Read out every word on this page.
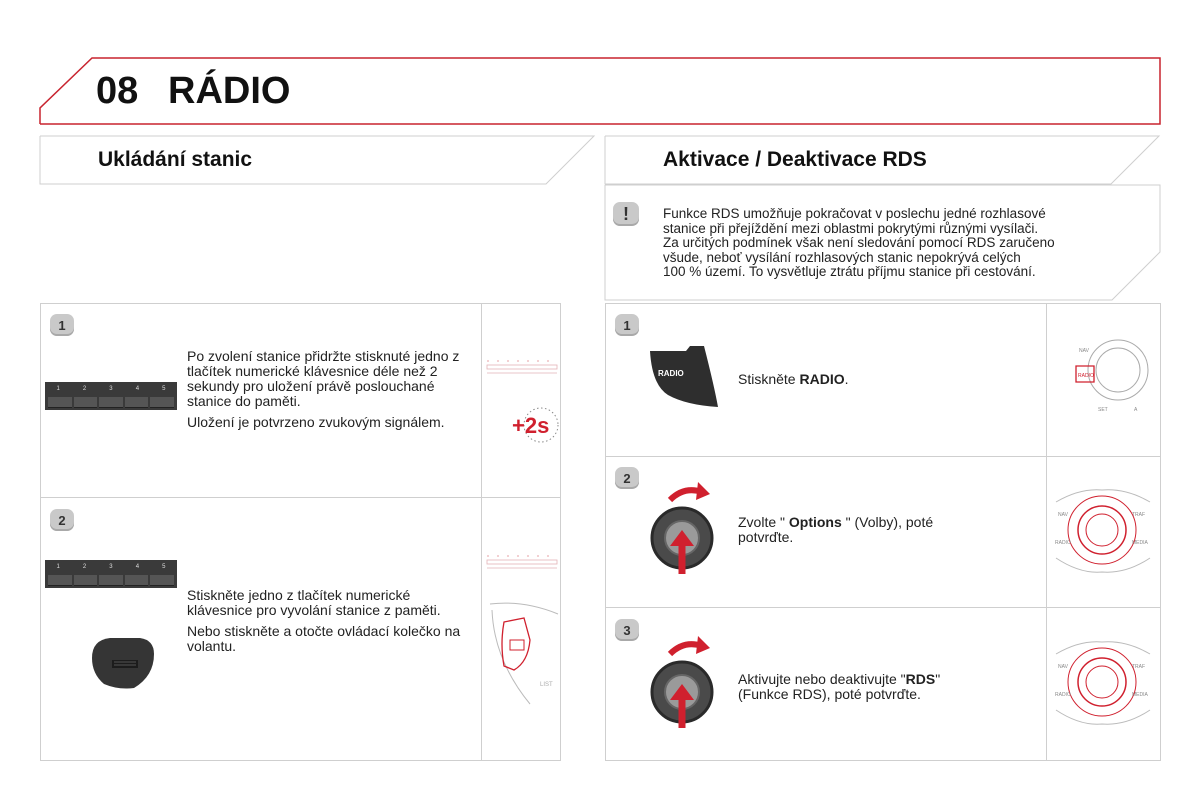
08 RÁDIO
Ukládání stanic	Aktivace / Deaktivace RDS
!	Funkce RDS umožňuje pokračovat v poslechu jedné rozhlasové
stanice při přejíždění mezi oblastmi pokrytými různými vysílači.
Za určitých podmínek však není sledování pomocí RDS zaručeno
všude, neboť vysílání rozhlasových stanic nepokrývá celých
100 % území. To vysvětluje ztrátu příjmu stanice při cestování.
1
1	2	3	4	5

Po zvolení stanice přidržte stisknuté jedno z tlačítek numerické klávesnice déle než 2 sekundy pro uložení právě poslouchané stanice do paměti.

Uložení je potvrzeno zvukovým signálem.	+2s
2
1	2	3	4	5

Stiskněte jedno z tlačítek numerické klávesnice pro vyvolání stanice z paměti.

Nebo stiskněte a otočte ovládací kolečko na volantu.

LIST
1
RADIO	Stiskněte RADIO.
NAV
RADIO
SET	A
2
Zvolte " Options " (Volby), poté
potvrďte.
NAV	TRAF
RADIO	MEDIA
3
Aktivujte nebo deaktivujte "RDS"
(Funkce RDS), poté potvrďte.
NAV	TRAF
RADIO	MEDIA
